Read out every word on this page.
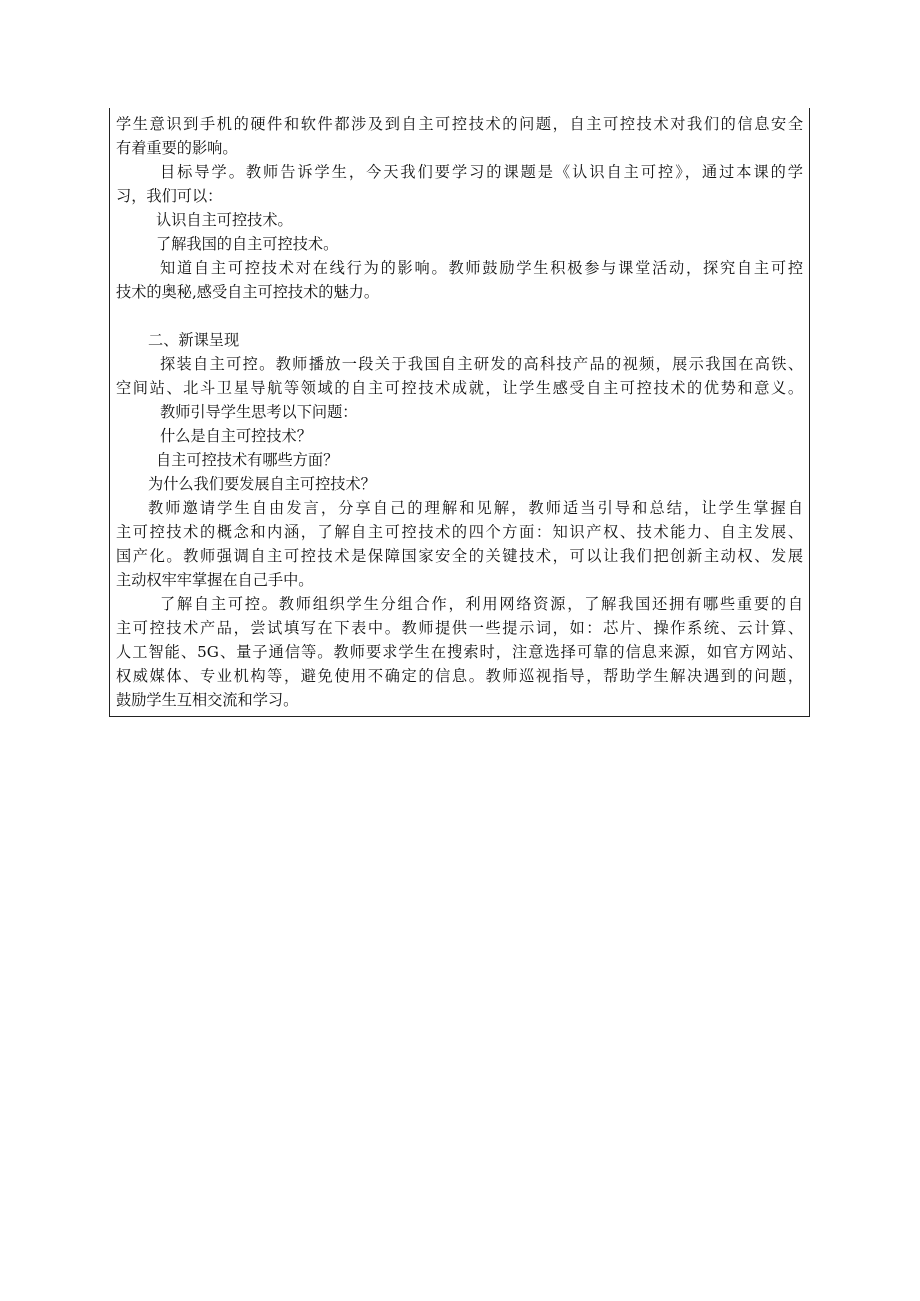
学生意识到手机的硬件和软件都涉及到自主可控技术的问题，自主可控技术对我们的信息安全
有着重要的影响。
目标导学。教师告诉学生，今天我们要学习的课题是《认识自主可控》，通过本课的学
习，我们可以：
认识自主可控技术。
了解我国的自主可控技术。
知道自主可控技术对在线行为的影响。教师鼓励学生积极参与课堂活动，探究自主可控
技术的奥秘,感受自主可控技术的魅力。
二、新课呈现
探装自主可控。教师播放一段关于我国自主研发的高科技产品的视频，展示我国在高铁、
空间站、北斗卫星导航等领域的自主可控技术成就，让学生感受自主可控技术的优势和意义。
教师引导学生思考以下问题：
什么是自主可控技术？
自主可控技术有哪些方面？
为什么我们要发展自主可控技术？
教师邀请学生自由发言，分享自己的理解和见解，教师适当引导和总结，让学生掌握自
主可控技术的概念和内涵，了解自主可控技术的四个方面：知识产权、技术能力、自主发展、
国产化。教师强调自主可控技术是保障国家安全的关键技术，可以让我们把创新主动权、发展
主动权牢牢掌握在自己手中。
了解自主可控。教师组织学生分组合作，利用网络资源，了解我国还拥有哪些重要的自
主可控技术产品，尝试填写在下表中。教师提供一些提示词，如：芯片、操作系统、云计算、
人工智能、5G、量子通信等。教师要求学生在搜索时，注意选择可靠的信息来源，如官方网站、
权威媒体、专业机构等，避免使用不确定的信息。教师巡视指导，帮助学生解决遇到的问题，
鼓励学生互相交流和学习。
